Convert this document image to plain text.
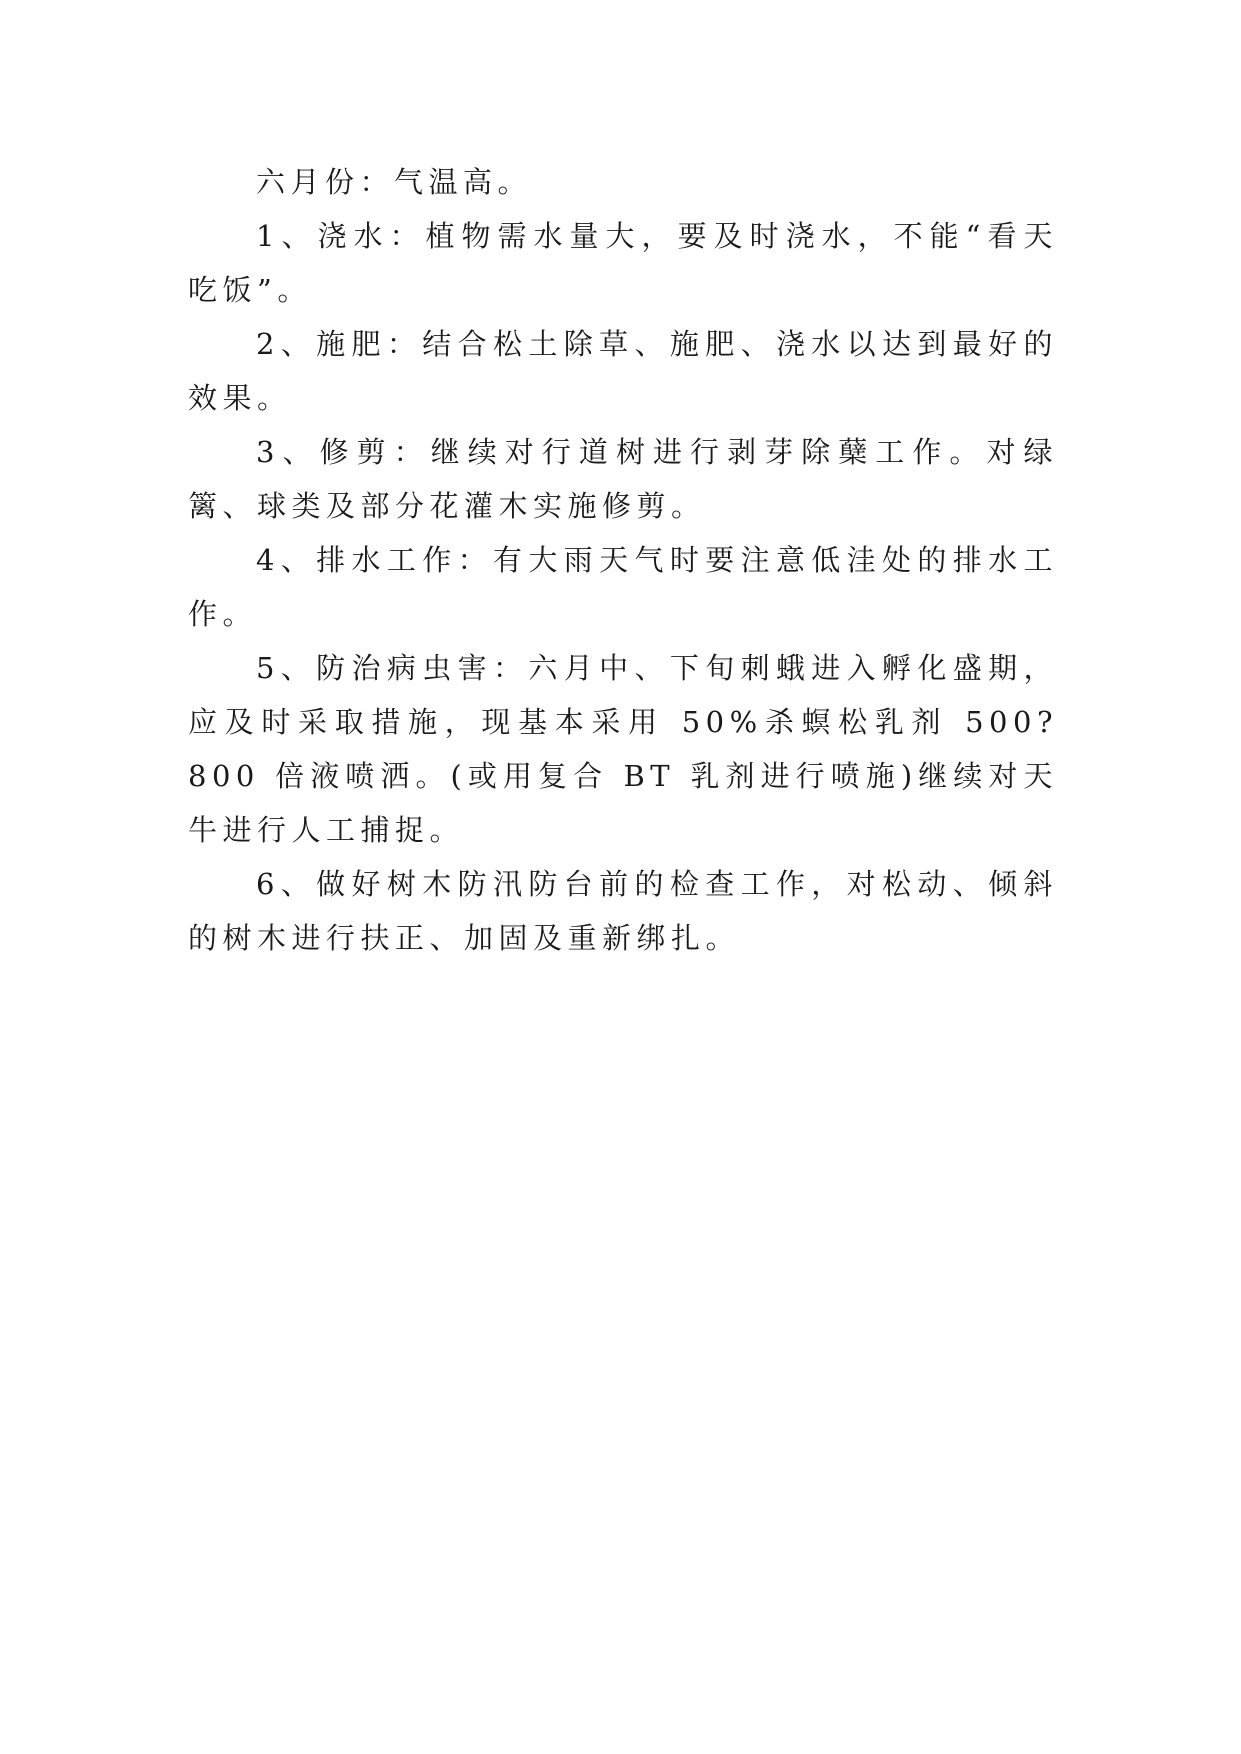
六月份：气温高。

1、浇水：植物需水量大，要及时浇水，不能“看天吃饭”。

2、施肥：结合松土除草、施肥、浇水以达到最好的效果。

3、修剪：继续对行道树进行剥芽除蘖工作。对绿篱、球类及部分花灌木实施修剪。

4、排水工作：有大雨天气时要注意低洼处的排水工作。

5、防治病虫害：六月中、下旬刺蛾进入孵化盛期，应及时采取措施，现基本采用 50%杀螟松乳剂 500?800 倍液喷洒。(或用复合 BT 乳剂进行喷施)继续对天牛进行人工捕捉。

6、做好树木防汛防台前的检查工作，对松动、倾斜的树木进行扶正、加固及重新绑扎。
